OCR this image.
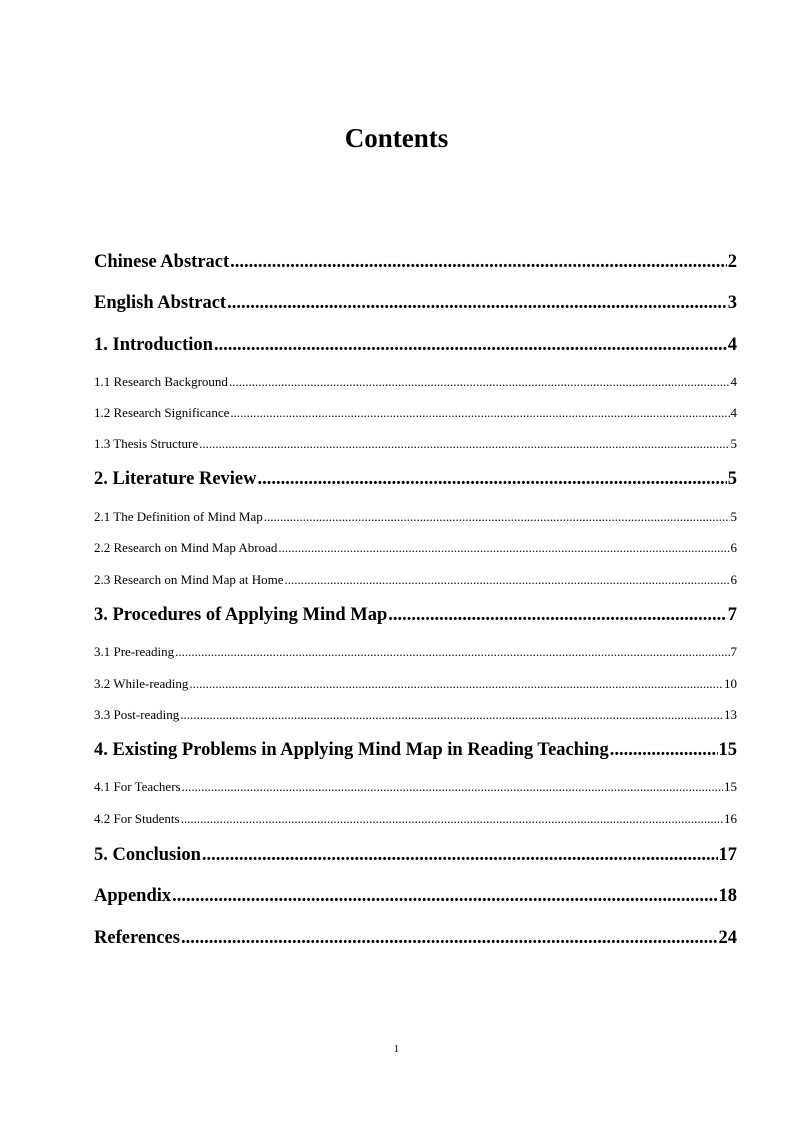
Contents
Chinese Abstract .....	2
English Abstract .....	3
1. Introduction .....	4
1.1 Research Background .....	4
1.2 Research Significance .....	4
1.3 Thesis Structure .....	5
2. Literature Review .....	5
2.1 The Definition of Mind Map .....	5
2.2 Research on Mind Map Abroad .....	6
2.3 Research on Mind Map at Home .....	6
3. Procedures of Applying Mind Map .....	7
3.1 Pre-reading .....	7
3.2 While-reading .....	10
3.3 Post-reading .....	13
4. Existing Problems in Applying Mind Map in Reading Teaching .....	15
4.1 For Teachers .....	15
4.2 For Students .....	16
5. Conclusion .....	17
Appendix .....	18
References .....	24
1
